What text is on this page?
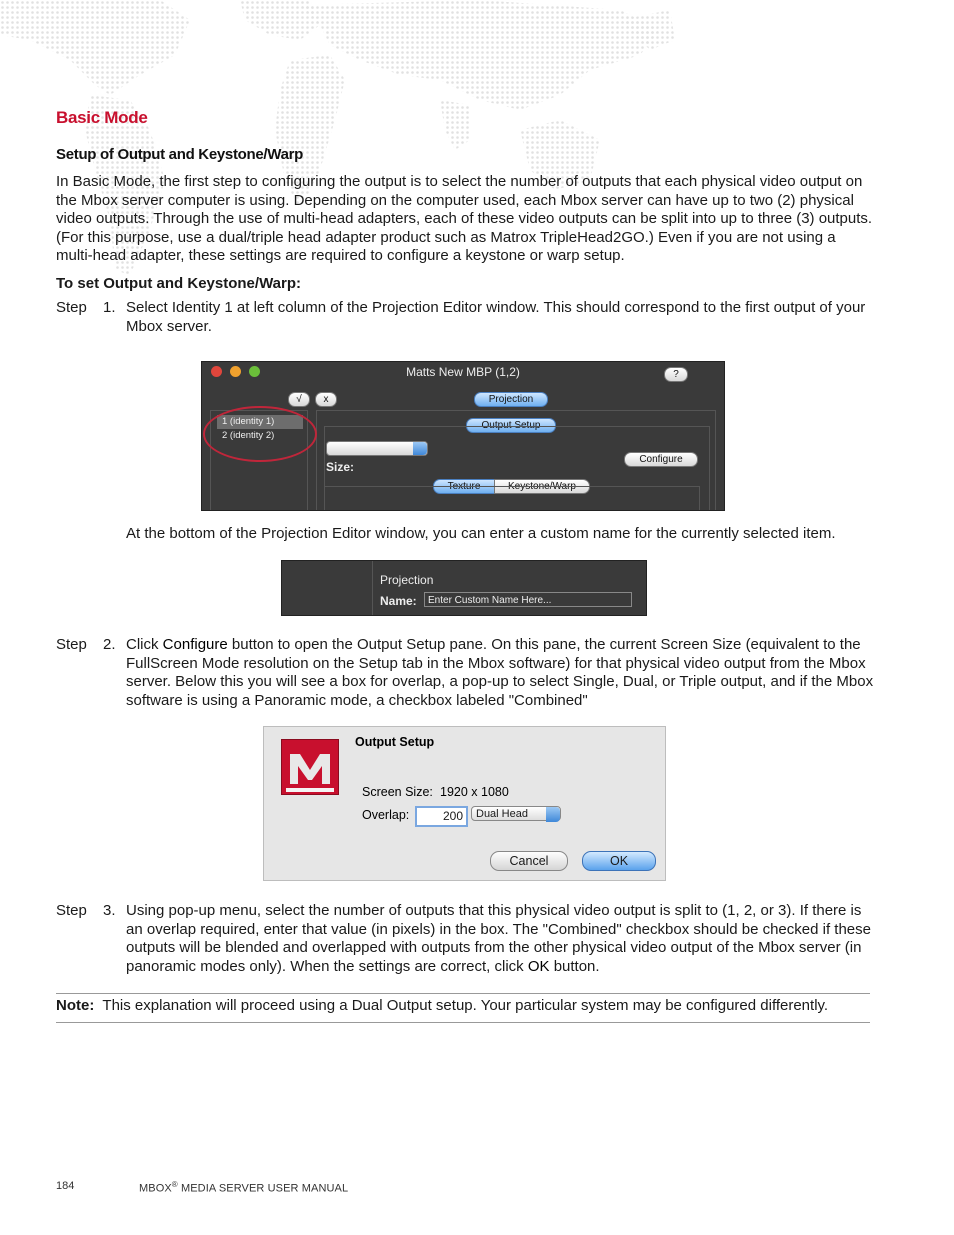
Basic Mode
Setup of Output and Keystone/Warp
In Basic Mode, the first step to configuring the output is to select the number of outputs that each physical video output on the Mbox server computer is using. Depending on the computer used, each Mbox server can have up to two (2) physical video outputs. Through the use of multi-head adapters, each of these video outputs can be split into up to three (3) outputs. (For this purpose, use a dual/triple head adapter product such as Matrox TripleHead2GO.) Even if you are not using a multi-head adapter, these settings are required to configure a keystone or warp setup.
To set Output and Keystone/Warp:
Step 1. Select Identity 1 at left column of the Projection Editor window. This should correspond to the first output of your Mbox server.
Matts New MBP (1,2)	?
√	x	Projection
Output Setup
Configure
Size:
Texture	Keystone/Warp
1 (identity 1)
2 (identity 2)
At the bottom of the Projection Editor window, you can enter a custom name for the currently selected item.
Projection
Name:	Enter Custom Name Here...
Step 2. Click Configure button to open the Output Setup pane. On this pane, the current Screen Size (equivalent to the FullScreen Mode resolution on the Setup tab in the Mbox software) for that physical video output from the Mbox server. Below this you will see a box for overlap, a pop-up to select Single, Dual, or Triple output, and if the Mbox software is using a Panoramic mode, a checkbox labeled "Combined"
Output Setup
Screen Size: 1920 x 1080
Overlap:	200	Dual Head
Cancel	OK
Step 3. Using pop-up menu, select the number of outputs that this physical video output is split to (1, 2, or 3). If there is an overlap required, enter that value (in pixels) in the box. The "Combined" checkbox should be checked if these outputs will be blended and overlapped with outputs from the other physical video output of the Mbox server (in panoramic modes only). When the settings are correct, click OK button.
Note: This explanation will proceed using a Dual Output setup. Your particular system may be configured differently.
184	MBOX® MEDIA SERVER USER MANUAL
